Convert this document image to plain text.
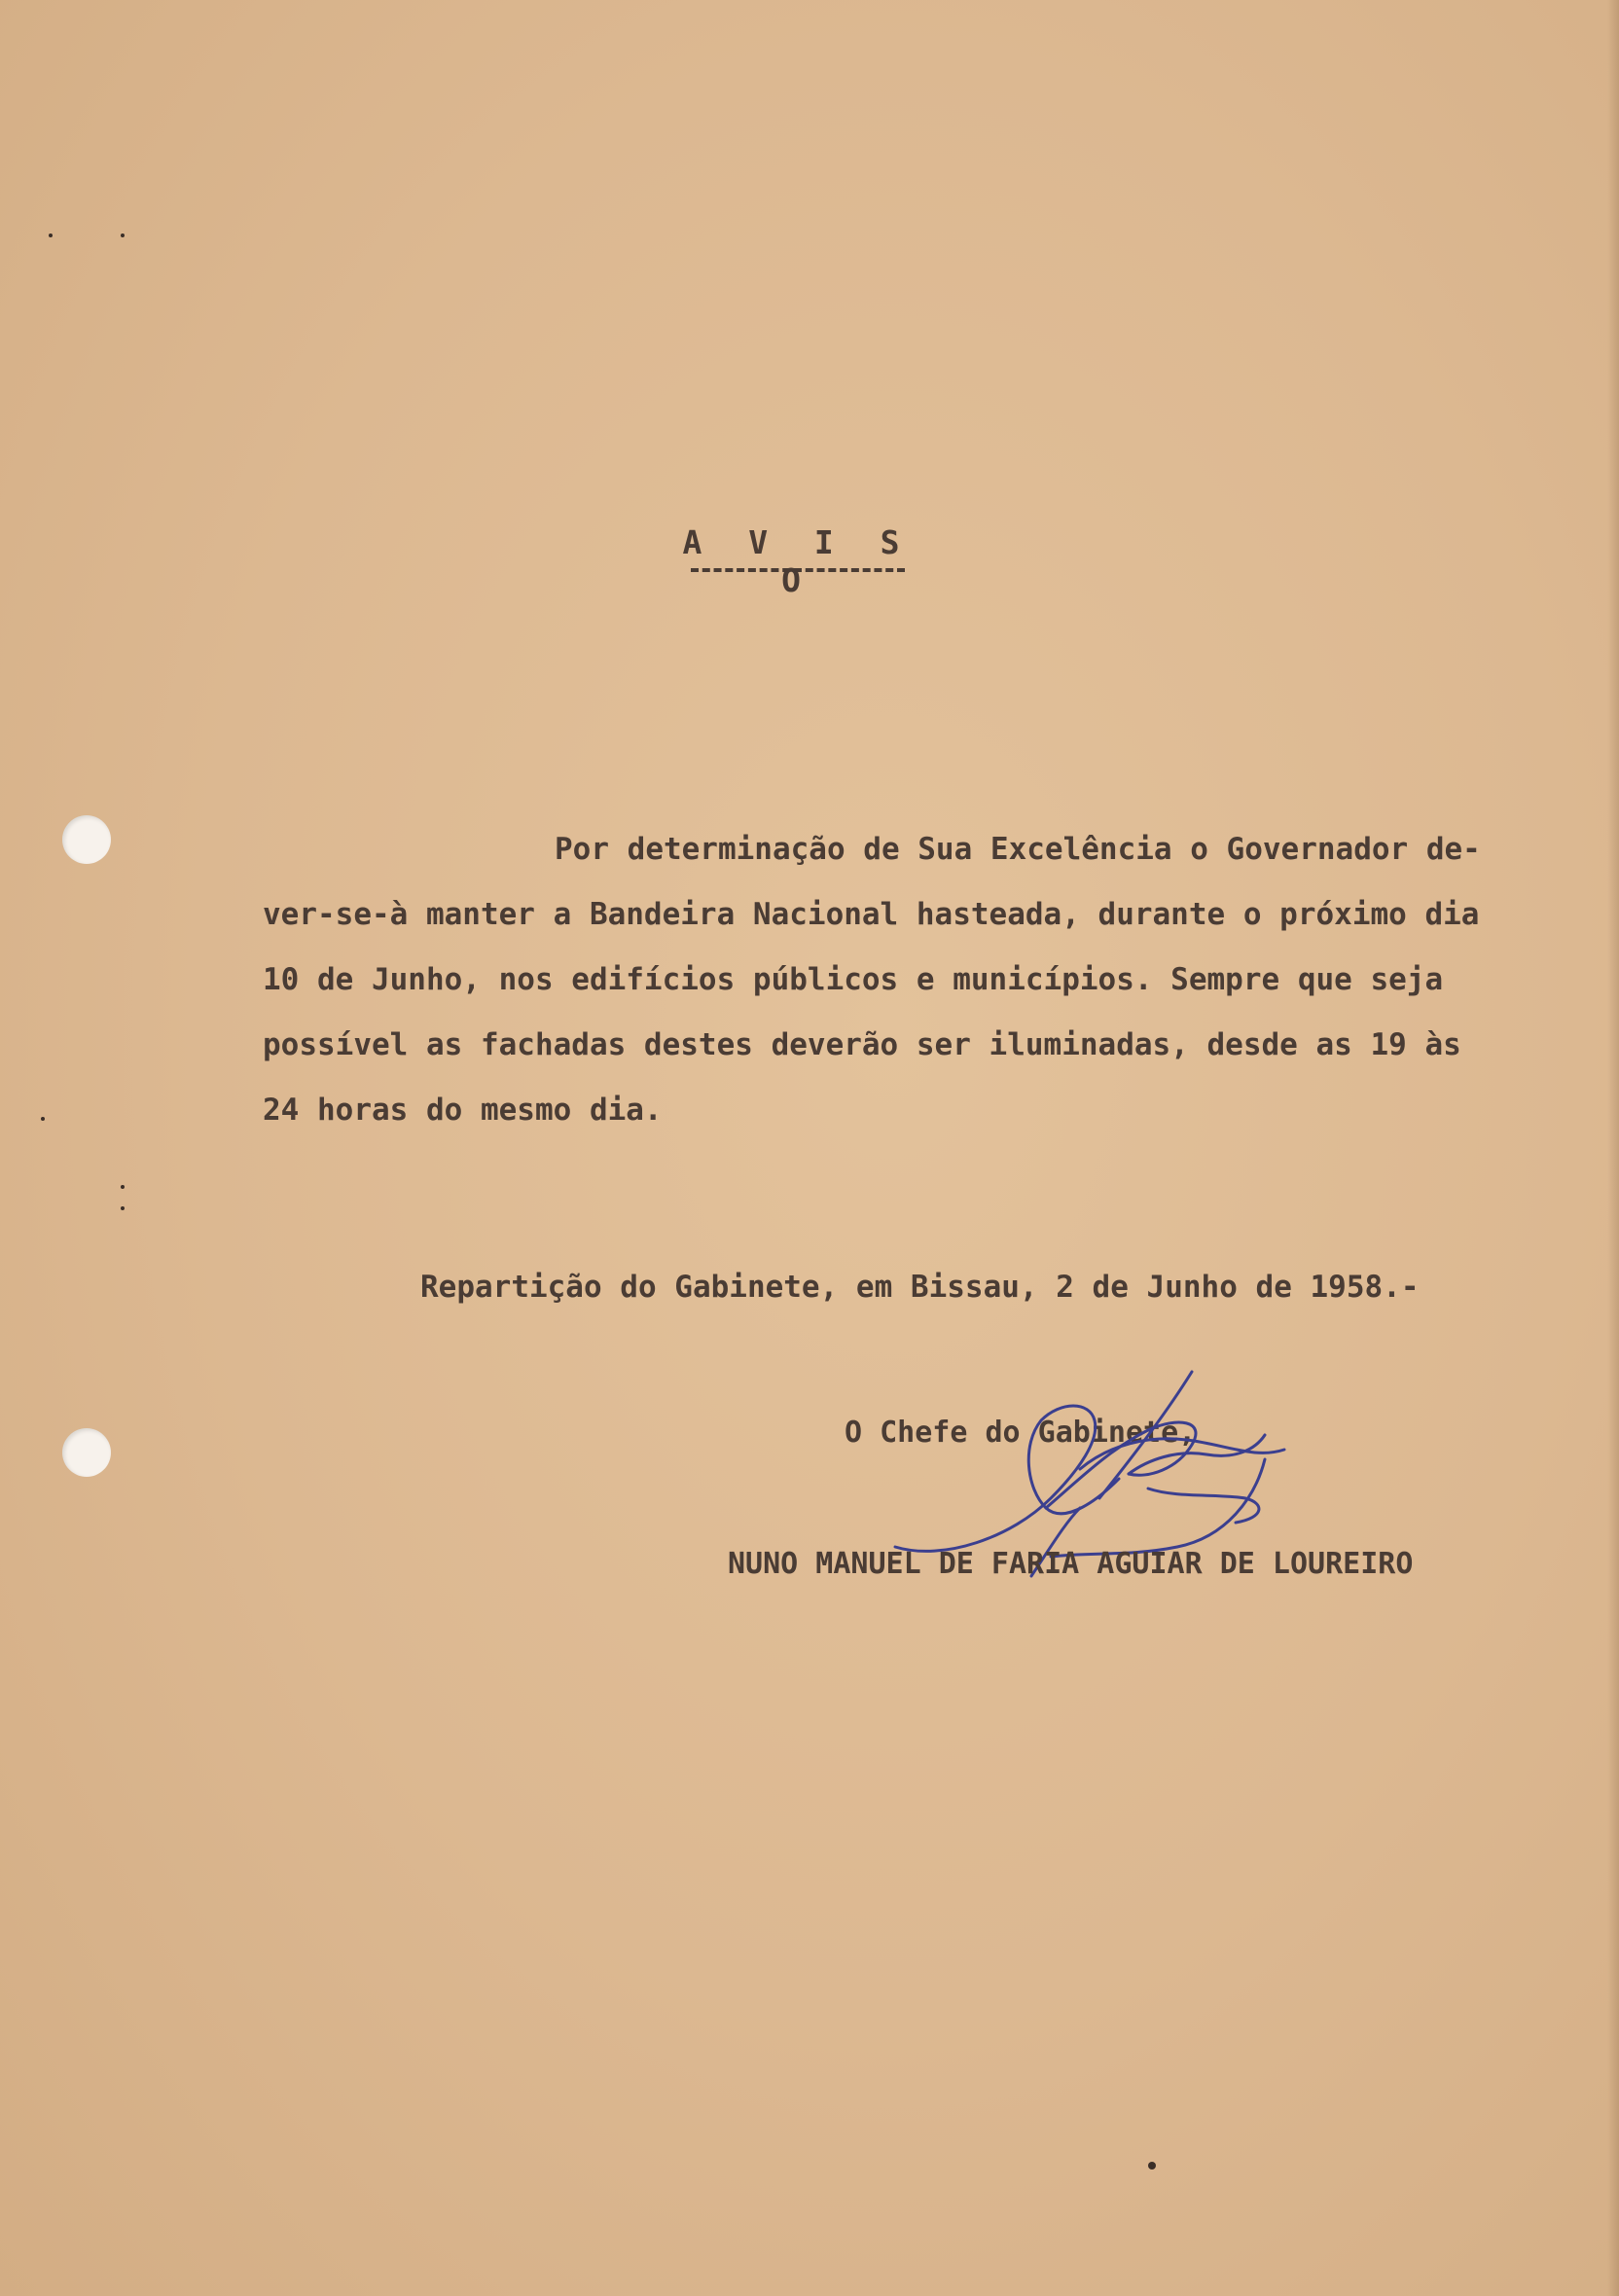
A V I S O
Por determinação de Sua Excelência o Governador de-
ver-se-à manter a Bandeira Nacional hasteada, durante o próximo dia
10 de Junho, nos edifícios públicos e municípios. Sempre que seja
possível as fachadas destes deverão ser iluminadas, desde as 19 às
24 horas do mesmo dia.
Repartição do Gabinete, em Bissau, 2 de Junho de 1958.-
O Chefe do Gabinete,
NUNO MANUEL DE FARIA AGUIAR DE LOUREIRO
